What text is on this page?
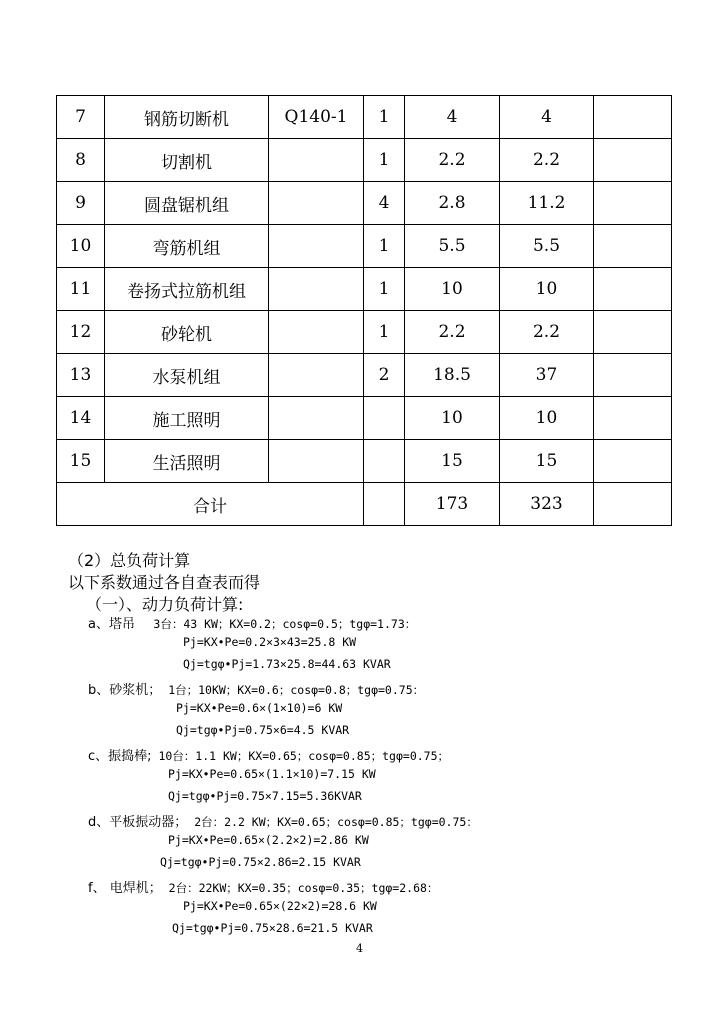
7	钢筋切断机	Q140-1	1	4	4	
8	切割机		1	2.2	2.2	
9	圆盘锯机组		4	2.8	11.2	
10	弯筋机组		1	5.5	5.5	
11	卷扬式拉筋机组		1	10	10	
12	砂轮机		1	2.2	2.2	
13	水泵机组		2	18.5	37	
14	施工照明			10	10	
15	生活照明			15	15	
合计				173	323	
（2）总负荷计算
以下系数通过各自查表而得
（一）、动力负荷计算:
a、塔吊　 3台：43 KW；KX=0.2；cosφ=0.5；tgφ=1.73：
Pj=KX•Pe=0.2×3×43=25.8 KW
Qj=tgφ•Pj=1.73×25.8=44.63 KVAR
b、砂浆机； 1台；10KW；KX=0.6；cosφ=0.8；tgφ=0.75：
Pj=KX•Pe=0.6×(1×10)=6 KW
Qj=tgφ•Pj=0.75×6=4.5 KVAR
c、振捣棒; 10台：1.1 KW；KX=0.65；cosφ=0.85；tgφ=0.75；
Pj=KX•Pe=0.65×(1.1×10)=7.15 KW
Qj=tgφ•Pj=0.75×7.15=5.36KVAR
d、平板振动器； 2台：2.2 KW；KX=0.65；cosφ=0.85；tgφ=0.75：
Pj=KX•Pe=0.65×(2.2×2)=2.86 KW
Qj=tgφ•Pj=0.75×2.86=2.15 KVAR
f、 电焊机； 2台：22KW；KX=0.35；cosφ=0.35；tgφ=2.68：
Pj=KX•Pe=0.65×(22×2)=28.6 KW
Qj=tgφ•Pj=0.75×28.6=21.5 KVAR
4
